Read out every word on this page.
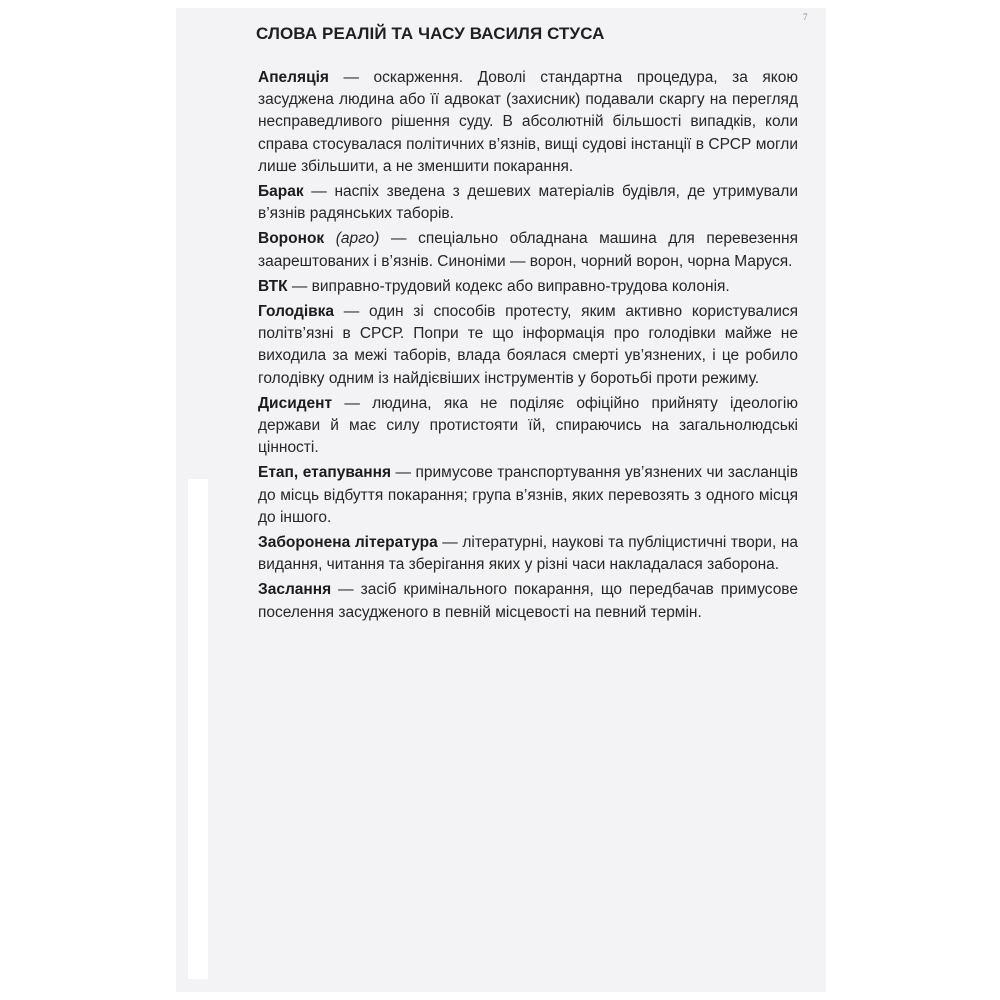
7
СЛОВА РЕАЛІЙ ТА ЧАСУ ВАСИЛЯ СТУСА

Апеляція — оскарження. Доволі стандартна процедура, за якою засуджена людина або її адвокат (захисник) подавали скаргу на перегляд несправедливого рішення суду. В абсолютній більшості випадків, коли справа стосувалася політичних в’язнів, вищі судові інстанції в СРСР могли лише збільшити, а не зменшити покарання.

Барак — наспіх зведена з дешевих матеріалів будівля, де утримували в’язнів радянських таборів.

Воронок (арго) — спеціально обладнана машина для перевезення заарештованих і в’язнів. Синоніми — ворон, чорний ворон, чорна Маруся.

ВТК — виправно-трудовий кодекс або виправно-трудова колонія.

Голодівка — один зі способів протесту, яким активно користувалися політв’язні в СРСР. Попри те що інформація про голодівки майже не виходила за межі таборів, влада боялася смерті ув’язнених, і це робило голодівку одним із найдієвіших інструментів у боротьбі проти режиму.

Дисидент — людина, яка не поділяє офіційно прийняту ідеологію держави й має силу протистояти їй, спираючись на загальнолюдські цінності.

Етап, етапування — примусове транспортування ув’язнених чи засланців до місць відбуття покарання; група в’язнів, яких перевозять з одного місця до іншого.

Заборонена література — літературні, наукові та публіцистичні твори, на видання, читання та зберігання яких у різні часи накладалася заборона.

Заслання — засіб кримінального покарання, що передбачав примусове поселення засудженого в певній місцевості на певний термін.
